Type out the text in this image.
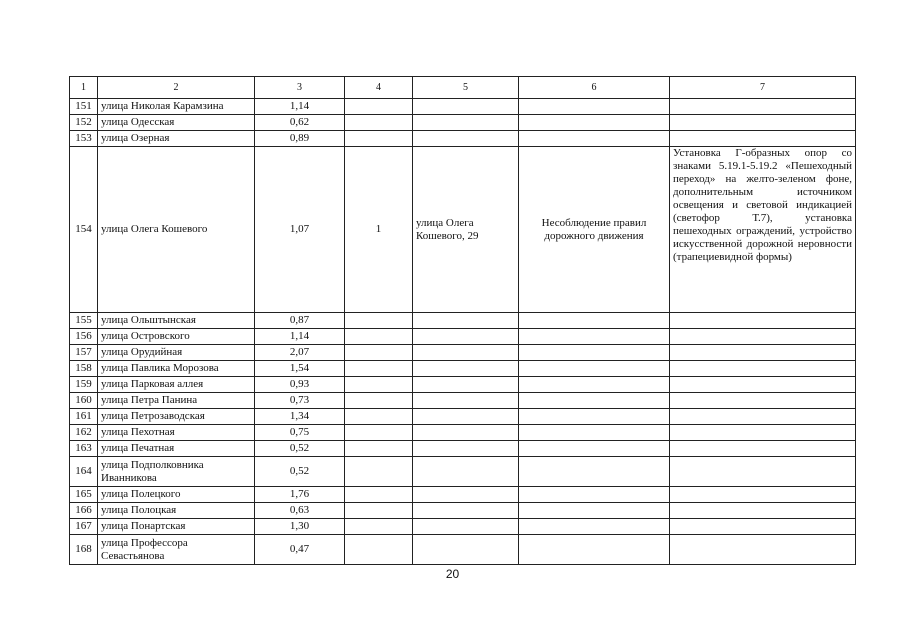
1	2	3	4	5	6	7
151	улица Николая Карамзина	1,14				
152	улица Одесская	0,62				
153	улица Озерная	0,89				
154	улица Олега Кошевого	1,07	1	улица Олега Кошевого, 29	Несоблюдение правил дорожного движения	Установка Г-образных опор со знаками 5.19.1-5.19.2 «Пешеходный переход» на желто-зеленом фоне, дополнительным источником освещения и световой индикацией (светофор Т.7), установка пешеходных ограждений, устройство искусственной дорожной неровности (трапециевидной формы)
155	улица Ольштынская	0,87				
156	улица Островского	1,14				
157	улица Орудийная	2,07				
158	улица Павлика Морозова	1,54				
159	улица Парковая аллея	0,93				
160	улица Петра Панина	0,73				
161	улица Петрозаводская	1,34				
162	улица Пехотная	0,75				
163	улица Печатная	0,52				
164	улица Подполковника Иванникова	0,52				
165	улица Полецкого	1,76				
166	улица Полоцкая	0,63				
167	улица Понартская	1,30				
168	улица Профессора Севастьянова	0,47				
20
